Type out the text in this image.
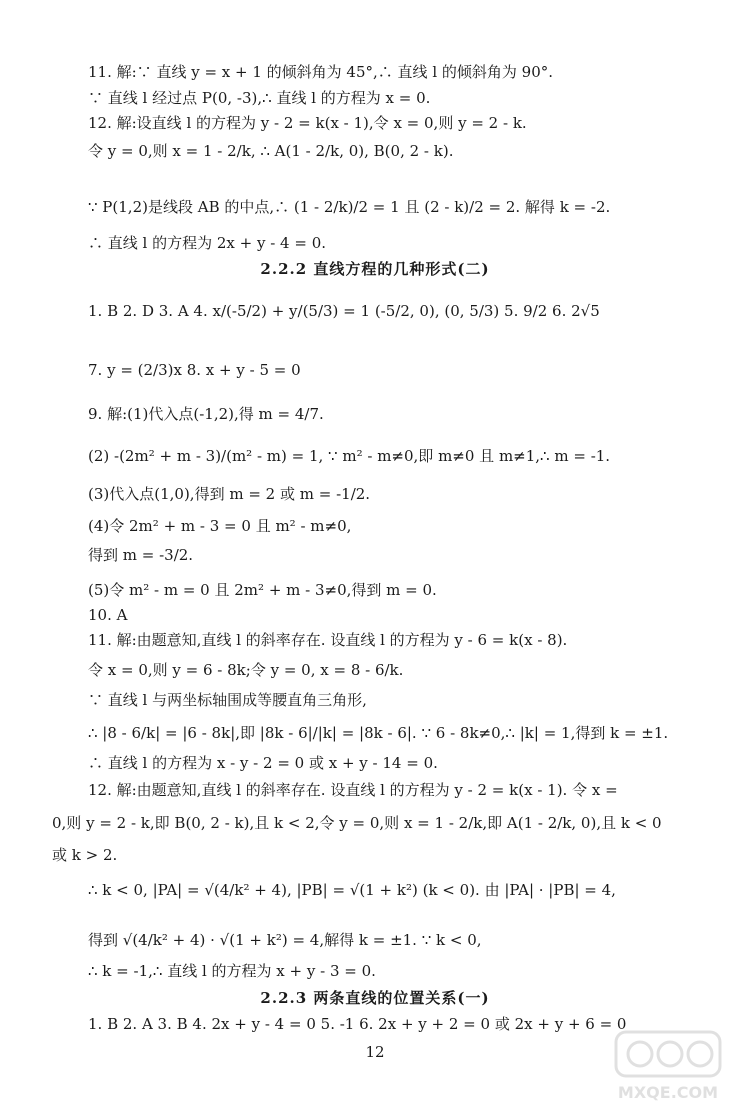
11. 解:∵ 直线 y = x + 1 的倾斜角为 45°,∴ 直线 l 的倾斜角为 90°.
∵ 直线 l 经过点 P(0, -3),∴ 直线 l 的方程为 x = 0.
12. 解:设直线 l 的方程为 y - 2 = k(x - 1),令 x = 0,则 y = 2 - k.
令 y = 0,则 x = 1 - 2/k, ∴ A(1 - 2/k, 0), B(0, 2 - k).
∵ P(1,2)是线段 AB 的中点,∴ (1 - 2/k)/2 = 1 且 (2 - k)/2 = 2. 解得 k = -2.
∴ 直线 l 的方程为 2x + y - 4 = 0.
2.2.2 直线方程的几种形式(二)
1. B 2. D 3. A 4. x/(-5/2) + y/(5/3) = 1 (-5/2, 0), (0, 5/3) 5. 9/2 6. 2√5
7. y = (2/3)x 8. x + y - 5 = 0
9. 解:(1)代入点(-1,2),得 m = 4/7.
(2) -(2m² + m - 3)/(m² - m) = 1, ∵ m² - m≠0,即 m≠0 且 m≠1,∴ m = -1.
(3)代入点(1,0),得到 m = 2 或 m = -1/2.
(4)令 2m² + m - 3 = 0 且 m² - m≠0,
得到 m = -3/2.
(5)令 m² - m = 0 且 2m² + m - 3≠0,得到 m = 0.
10. A
11. 解:由题意知,直线 l 的斜率存在. 设直线 l 的方程为 y - 6 = k(x - 8).
令 x = 0,则 y = 6 - 8k;令 y = 0, x = 8 - 6/k.
∵ 直线 l 与两坐标轴围成等腰直角三角形,
∴ |8 - 6/k| = |6 - 8k|,即 |8k - 6|/|k| = |8k - 6|. ∵ 6 - 8k≠0,∴ |k| = 1,得到 k = ±1.
∴ 直线 l 的方程为 x - y - 2 = 0 或 x + y - 14 = 0.
12. 解:由题意知,直线 l 的斜率存在. 设直线 l 的方程为 y - 2 = k(x - 1). 令 x =
0,则 y = 2 - k,即 B(0, 2 - k),且 k < 2,令 y = 0,则 x = 1 - 2/k,即 A(1 - 2/k, 0),且 k < 0
或 k > 2.
∴ k < 0, |PA| = √(4/k² + 4), |PB| = √(1 + k²) (k < 0). 由 |PA| · |PB| = 4,
得到 √(4/k² + 4) · √(1 + k²) = 4,解得 k = ±1. ∵ k < 0,
∴ k = -1,∴ 直线 l 的方程为 x + y - 3 = 0.
2.2.3 两条直线的位置关系(一)
1. B 2. A 3. B 4. 2x + y - 4 = 0 5. -1 6. 2x + y + 2 = 0 或 2x + y + 6 = 0
12
MXQE.COM
